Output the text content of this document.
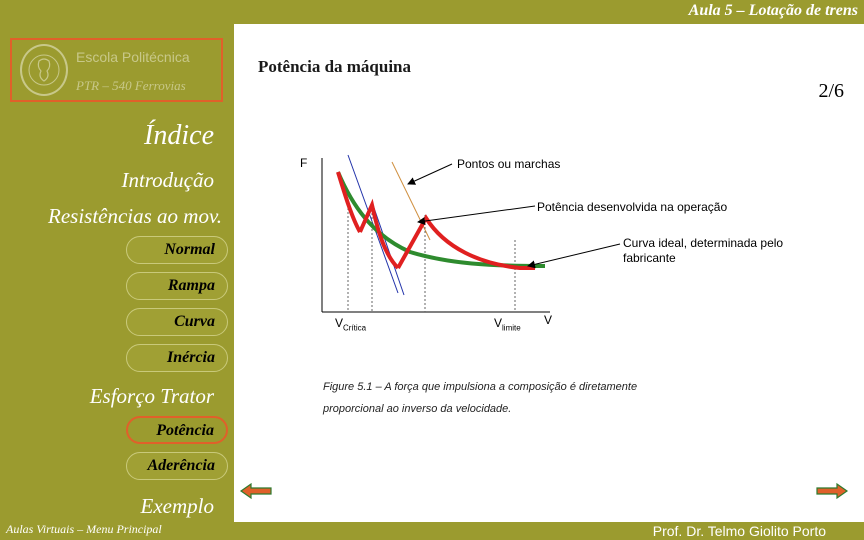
Escola Politécnica
PTR – 540 Ferrovias
Índice
Introdução
Resistências ao mov.
Normal
Rampa
Curva
Inércia
Esforço Trator
Potência
Aderência
Exemplo
Aulas Virtuais – Menu Principal
Aula 5 – Lotação de trens
Potência da máquina
2/6
F
V
$V_{Crítica}$	$V_{limite}$
Pontos ou marchas
Potência desenvolvida na operação
Curva ideal, determinada pelo
fabricante
Figure 5.1 – A força que impulsiona a composição é diretamente
proporcional ao inverso da velocidade.
Prof. Dr. Telmo Giolito Porto
